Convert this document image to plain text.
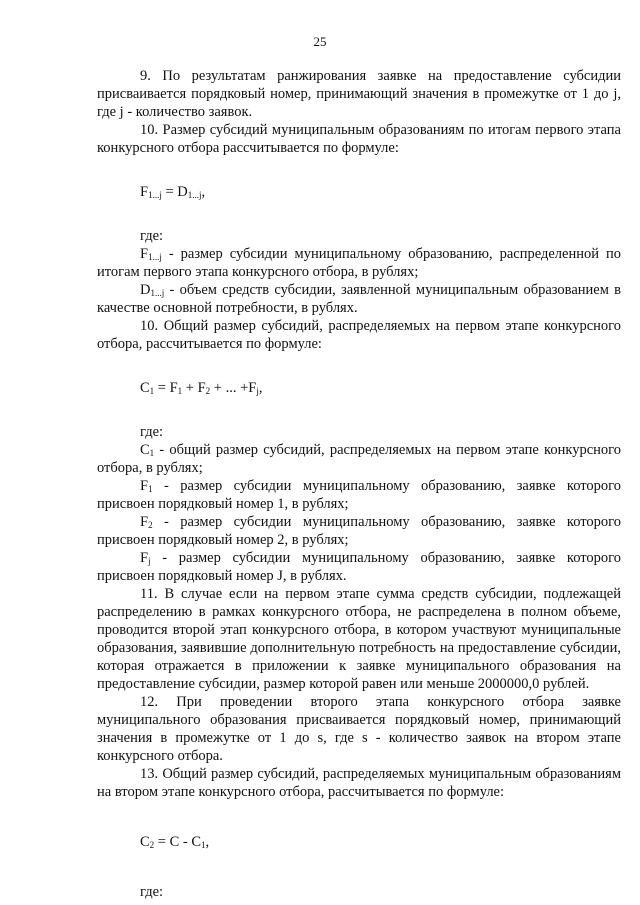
25

9. По результатам ранжирования заявке на предоставление субсидии присваивается порядковый номер, принимающий значения в промежутке от 1 до j, где j - количество заявок.

10. Размер субсидий муниципальным образованиям по итогам первого этапа конкурсного отбора рассчитывается по формуле:

$F_{1...j} = D_{1...j}$,

где:

$F_{1...j}$ - размер субсидии муниципальному образованию, распределенной по итогам первого этапа конкурсного отбора, в рублях;

$D_{1...j}$ - объем средств субсидии, заявленной муниципальным образованием в качестве основной потребности, в рублях.

10. Общий размер субсидий, распределяемых на первом этапе конкурсного отбора, рассчитывается по формуле:

$C_1 = F_1 + F_2$ + ... $+F_j$,

где:

$C_1$ - общий размер субсидий, распределяемых на первом этапе конкурсного отбора, в рублях;

$F_1$ - размер субсидии муниципальному образованию, заявке которого присвоен порядковый номер 1, в рублях;

$F_2$ - размер субсидии муниципальному образованию, заявке которого присвоен порядковый номер 2, в рублях;

$F_j$ - размер субсидии муниципальному образованию, заявке которого присвоен порядковый номер J, в рублях.

11. В случае если на первом этапе сумма средств субсидии, подлежащей распределению в рамках конкурсного отбора, не распределена в полном объеме, проводится второй этап конкурсного отбора, в котором участвуют муниципальные образования, заявившие дополнительную потребность на предоставление субсидии, которая отражается в приложении к заявке муниципального образования на предоставление субсидии, размер которой равен или меньше 2000000,0 рублей.

12. При проведении второго этапа конкурсного отбора заявке муниципального образования присваивается порядковый номер, принимающий значения в промежутке от 1 до s, где s - количество заявок на втором этапе конкурсного отбора.

13. Общий размер субсидий, распределяемых муниципальным образованиям на втором этапе конкурсного отбора, рассчитывается по формуле:

$C_2 = C - C_1$,

где:
